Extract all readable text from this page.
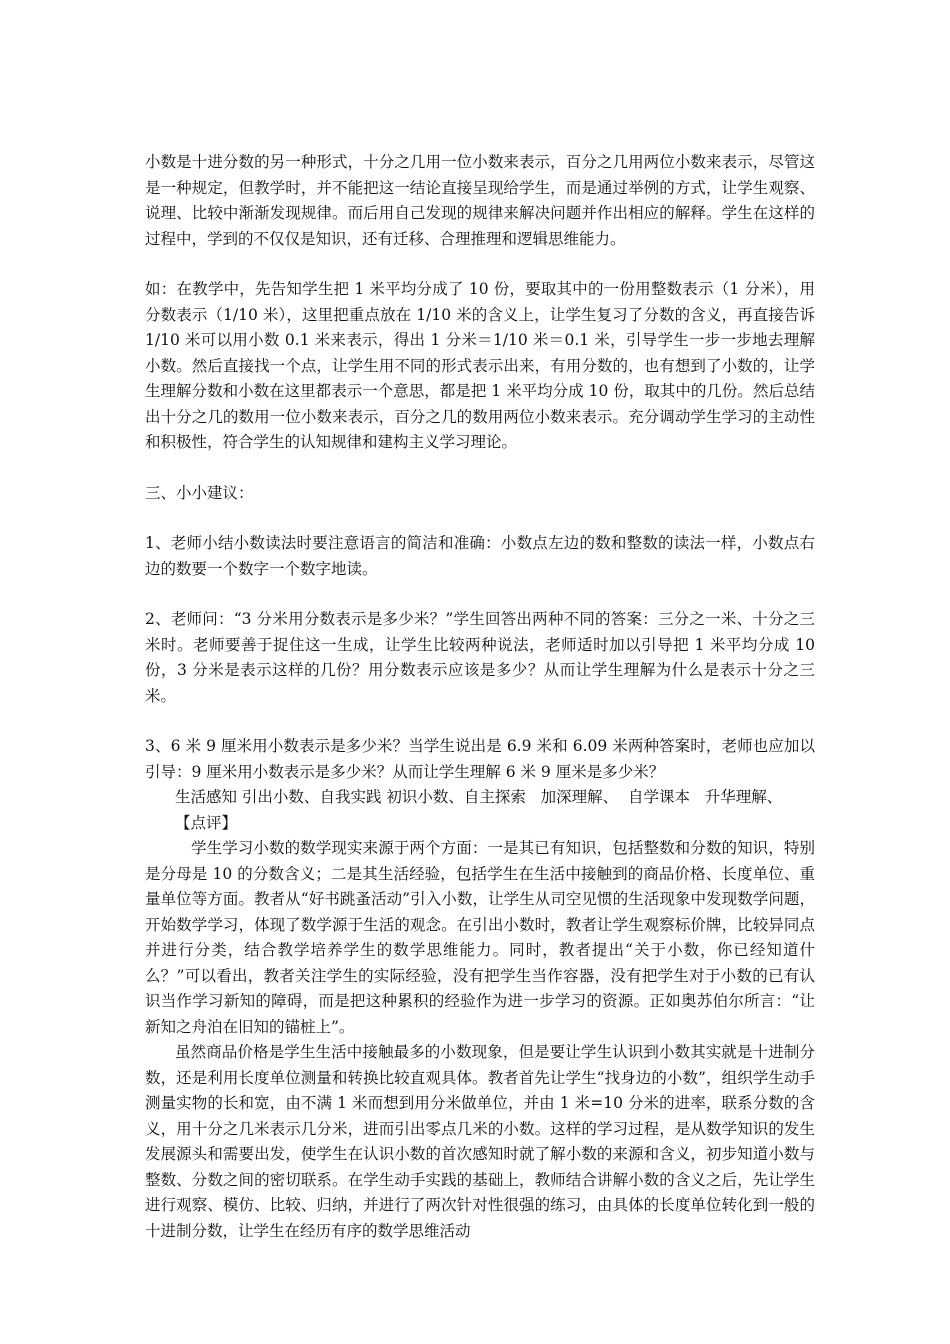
小数是十进分数的另一种形式，十分之几用一位小数来表示，百分之几用两位小数来表示，尽管这是一种规定，但教学时，并不能把这一结论直接呈现给学生，而是通过举例的方式，让学生观察、说理、比较中渐渐发现规律。而后用自己发现的规律来解决问题并作出相应的解释。学生在这样的过程中，学到的不仅仅是知识，还有迁移、合理推理和逻辑思维能力。

如：在教学中，先告知学生把 1 米平均分成了 10 份，要取其中的一份用整数表示（1 分米），用分数表示（1/10 米），这里把重点放在 1/10 米的含义上，让学生复习了分数的含义，再直接告诉 1/10 米可以用小数 0.1 米来表示，得出 1 分米＝1/10 米＝0.1 米，引导学生一步一步地去理解小数。然后直接找一个点，让学生用不同的形式表示出来，有用分数的，也有想到了小数的，让学生理解分数和小数在这里都表示一个意思，都是把 1 米平均分成 10 份，取其中的几份。然后总结出十分之几的数用一位小数来表示，百分之几的数用两位小数来表示。充分调动学生学习的主动性和积极性，符合学生的认知规律和建构主义学习理论。

三、小小建议：

1、老师小结小数读法时要注意语言的简洁和准确：小数点左边的数和整数的读法一样，小数点右边的数要一个数字一个数字地读。

2、老师问：“3 分米用分数表示是多少米？”学生回答出两种不同的答案：三分之一米、十分之三米时。老师要善于捉住这一生成，让学生比较两种说法，老师适时加以引导把 1 米平均分成 10 份，3 分米是表示这样的几份？用分数表示应该是多少？从而让学生理解为什么是表示十分之三米。

3、6 米 9 厘米用小数表示是多少米？当学生说出是 6.9 米和 6.09 米两种答案时，老师也应加以引导：9 厘米用小数表示是多少米？从而让学生理解 6 米 9 厘米是多少米？

生活感知 引出小数、 自我实践 初识小数、 自主探索   加深理解、 自学课本   升华理解、

【点评】

学生学习小数的数学现实来源于两个方面：一是其已有知识，包括整数和分数的知识，特别是分母是 10 的分数含义；二是其生活经验，包括学生在生活中接触到的商品价格、长度单位、重量单位等方面。教者从“好书跳蚤活动”引入小数，让学生从司空见惯的生活现象中发现数学问题，开始数学学习，体现了数学源于生活的观念。在引出小数时，教者让学生观察标价牌，比较异同点并进行分类，结合教学培养学生的数学思维能力。同时，教者提出“关于小数，你已经知道什么？”可以看出，教者关注学生的实际经验，没有把学生当作容器，没有把学生对于小数的已有认识当作学习新知的障碍，而是把这种累积的经验作为进一步学习的资源。正如奥苏伯尔所言：“让新知之舟泊在旧知的锚桩上”。

虽然商品价格是学生生活中接触最多的小数现象，但是要让学生认识到小数其实就是十进制分数，还是利用长度单位测量和转换比较直观具体。教者首先让学生“找身边的小数”，组织学生动手测量实物的长和宽，由不满 1 米而想到用分米做单位，并由 1 米=10 分米的进率，联系分数的含义，用十分之几米表示几分米，进而引出零点几米的小数。这样的学习过程，是从数学知识的发生发展源头和需要出发，使学生在认识小数的首次感知时就了解小数的来源和含义，初步知道小数与整数、分数之间的密切联系。在学生动手实践的基础上，教师结合讲解小数的含义之后，先让学生进行观察、模仿、比较、归纳，并进行了两次针对性很强的练习，由具体的长度单位转化到一般的十进制分数，让学生在经历有序的数学思维活动
